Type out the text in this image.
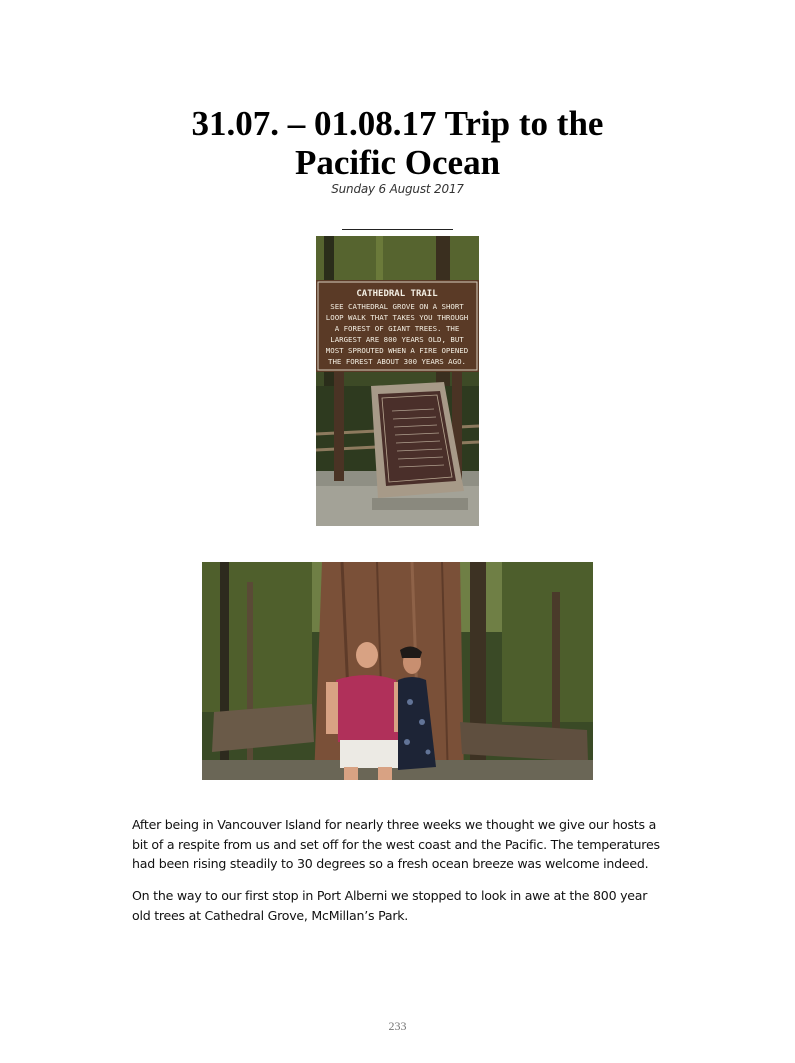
31.07. – 01.08.17 Trip to the
Pacific Ocean
Sunday 6 August 2017
CATHEDRAL TRAIL
SEE CATHEDRAL GROVE ON A SHORT
LOOP WALK THAT TAKES YOU THROUGH
A FOREST OF GIANT TREES. THE
LARGEST ARE 800 YEARS OLD, BUT
MOST SPROUTED WHEN A FIRE OPENED
THE FOREST ABOUT 300 YEARS AGO.

After being in Vancouver Island for nearly three weeks we thought we give our hosts a bit of a respite from us and set off for the west coast and the Pacific. The temperatures had been rising steadily to 30 degrees so a fresh ocean breeze was welcome indeed.

On the way to our first stop in Port Alberni we stopped to look in awe at the 800 year old trees at Cathedral Grove, McMillan’s Park.

233
